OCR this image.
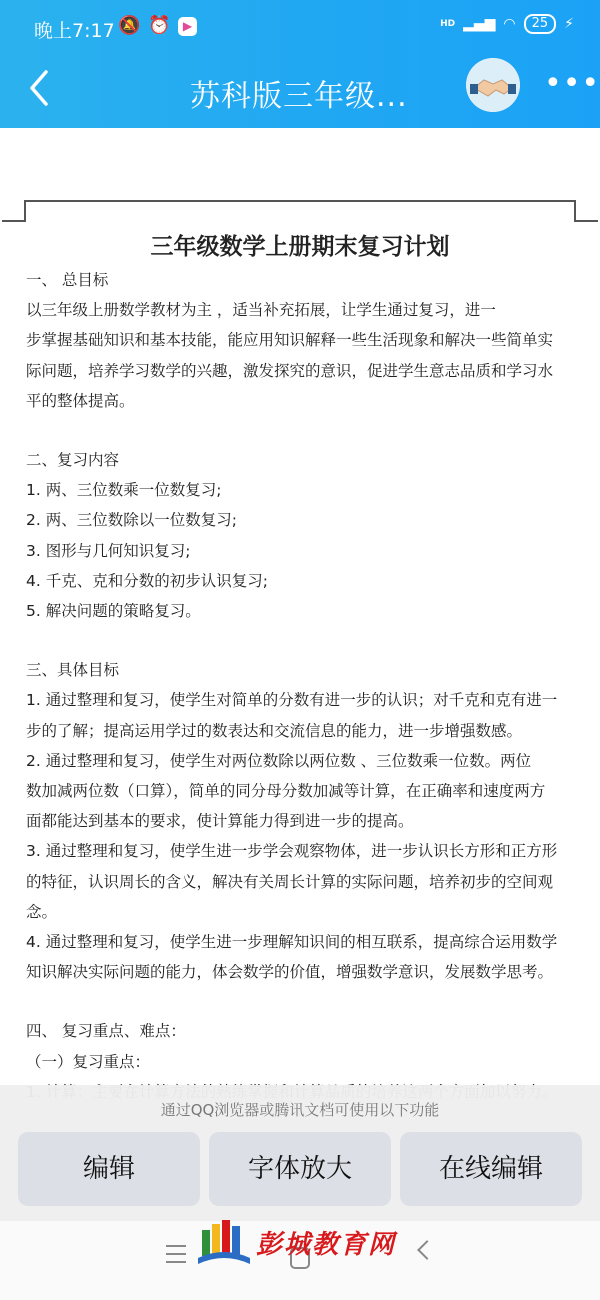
晚上7:17 🔕 ⏰	▶	HD ▂▄▆ ◠	25	⚡
苏科版三年级...	•••
三年级数学上册期末复习计划
一、 总目标
以三年级上册数学教材为主 ，适当补充拓展，让学生通过复习，进一
步掌握基础知识和基本技能，能应用知识解释一些生活现象和解决一些简单实
际问题，培养学习数学的兴趣，激发探究的意识，促进学生意志品质和学习水
平的整体提高。
二、复习内容
1. 两、三位数乘一位数复习;
2. 两、三位数除以一位数复习;
3. 图形与几何知识复习;
4. 千克、克和分数的初步认识复习;
5. 解决问题的策略复习。
三、具体目标
1. 通过整理和复习，使学生对简单的分数有进一步的认识；对千克和克有进一
步的了解；提高运用学过的数表达和交流信息的能力，进一步增强数感。
2. 通过整理和复习，使学生对两位数除以两位数 、三位数乘一位数。两位
数加减两位数（口算），简单的同分母分数加减等计算，在正确率和速度两方
面都能达到基本的要求，使计算能力得到进一步的提高。
3. 通过整理和复习，使学生进一步学会观察物体，进一步认识长方形和正方形
的特征，认识周长的含义，解决有关周长计算的实际问题，培养初步的空间观
念。
4. 通过整理和复习，使学生进一步理解知识间的相互联系，提高综合运用数学
知识解决实际问题的能力，体会数学的价值，增强数学意识，发展数学思考。
四、 复习重点、难点：
（一）复习重点：
通过QQ浏览器或腾讯文档可使用以下功能
编辑	字体放大	在线编辑
彭城教育网
